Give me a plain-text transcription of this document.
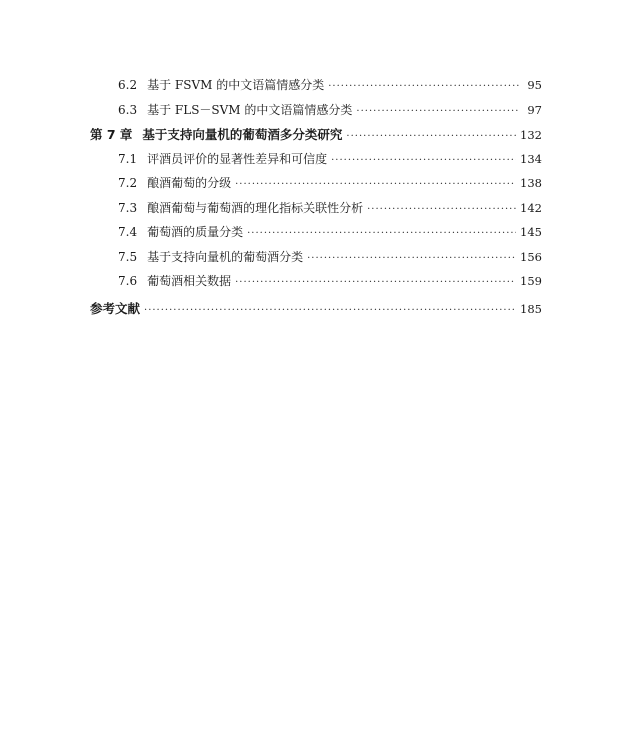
6.2 基于 FSVM 的中文语篇情感分类 ·····	95
6.3 基于 FLS－SVM 的中文语篇情感分类 ·····	97
第 7 章 基于支持向量机的葡萄酒多分类研究 ·····	132
7.1 评酒员评价的显著性差异和可信度 ·····	134
7.2 酿酒葡萄的分级 ·····	138
7.3 酿酒葡萄与葡萄酒的理化指标关联性分析 ·····	142
7.4 葡萄酒的质量分类 ·····	145
7.5 基于支持向量机的葡萄酒分类 ·····	156
7.6 葡萄酒相关数据 ·····	159
参考文献 ·····	185
